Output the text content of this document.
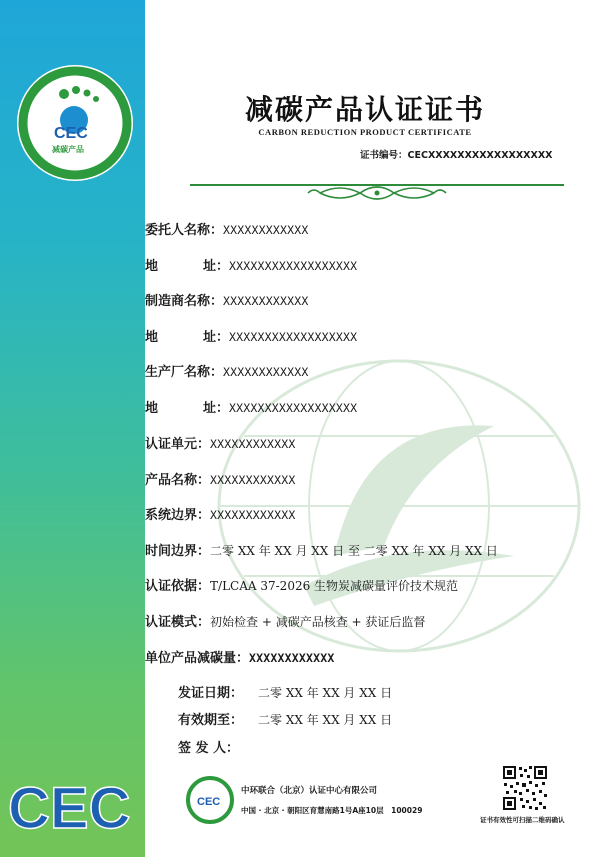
CEC
减碳产品
减碳产品认证证书
CARBON REDUCTION PRODUCT CERTIFICATE
证书编号：CECXXXXXXXXXXXXXXXXX
委托人名称：XXXXXXXXXXXX
地	址： XXXXXXXXXXXXXXXXXX
制造商名称：XXXXXXXXXXXX
地	址： XXXXXXXXXXXXXXXXXX
生产厂名称：XXXXXXXXXXXX
地	址： XXXXXXXXXXXXXXXXXX
认证单元：XXXXXXXXXXXX
产品名称：XXXXXXXXXXXX
系统边界：XXXXXXXXXXXX
时间边界：二零 XX 年 XX 月 XX 日 至 二零 XX 年 XX 月 XX 日
认证依据：T/LCAA 37-2026 生物炭减碳量评价技术规范
认证模式：初始检查 + 减碳产品核查 + 获证后监督
单位产品减碳量：XXXXXXXXXXXX
发证日期： 二零 XX 年 XX 月 XX 日
有效期至： 二零 XX 年 XX 月 XX 日
签 发 人：
CEC	CEC
中环联合（北京）认证中心有限公司
中国 · 北京 · 朝阳区育慧南路1号A座10层　100029
证书有效性可扫描二维码确认
